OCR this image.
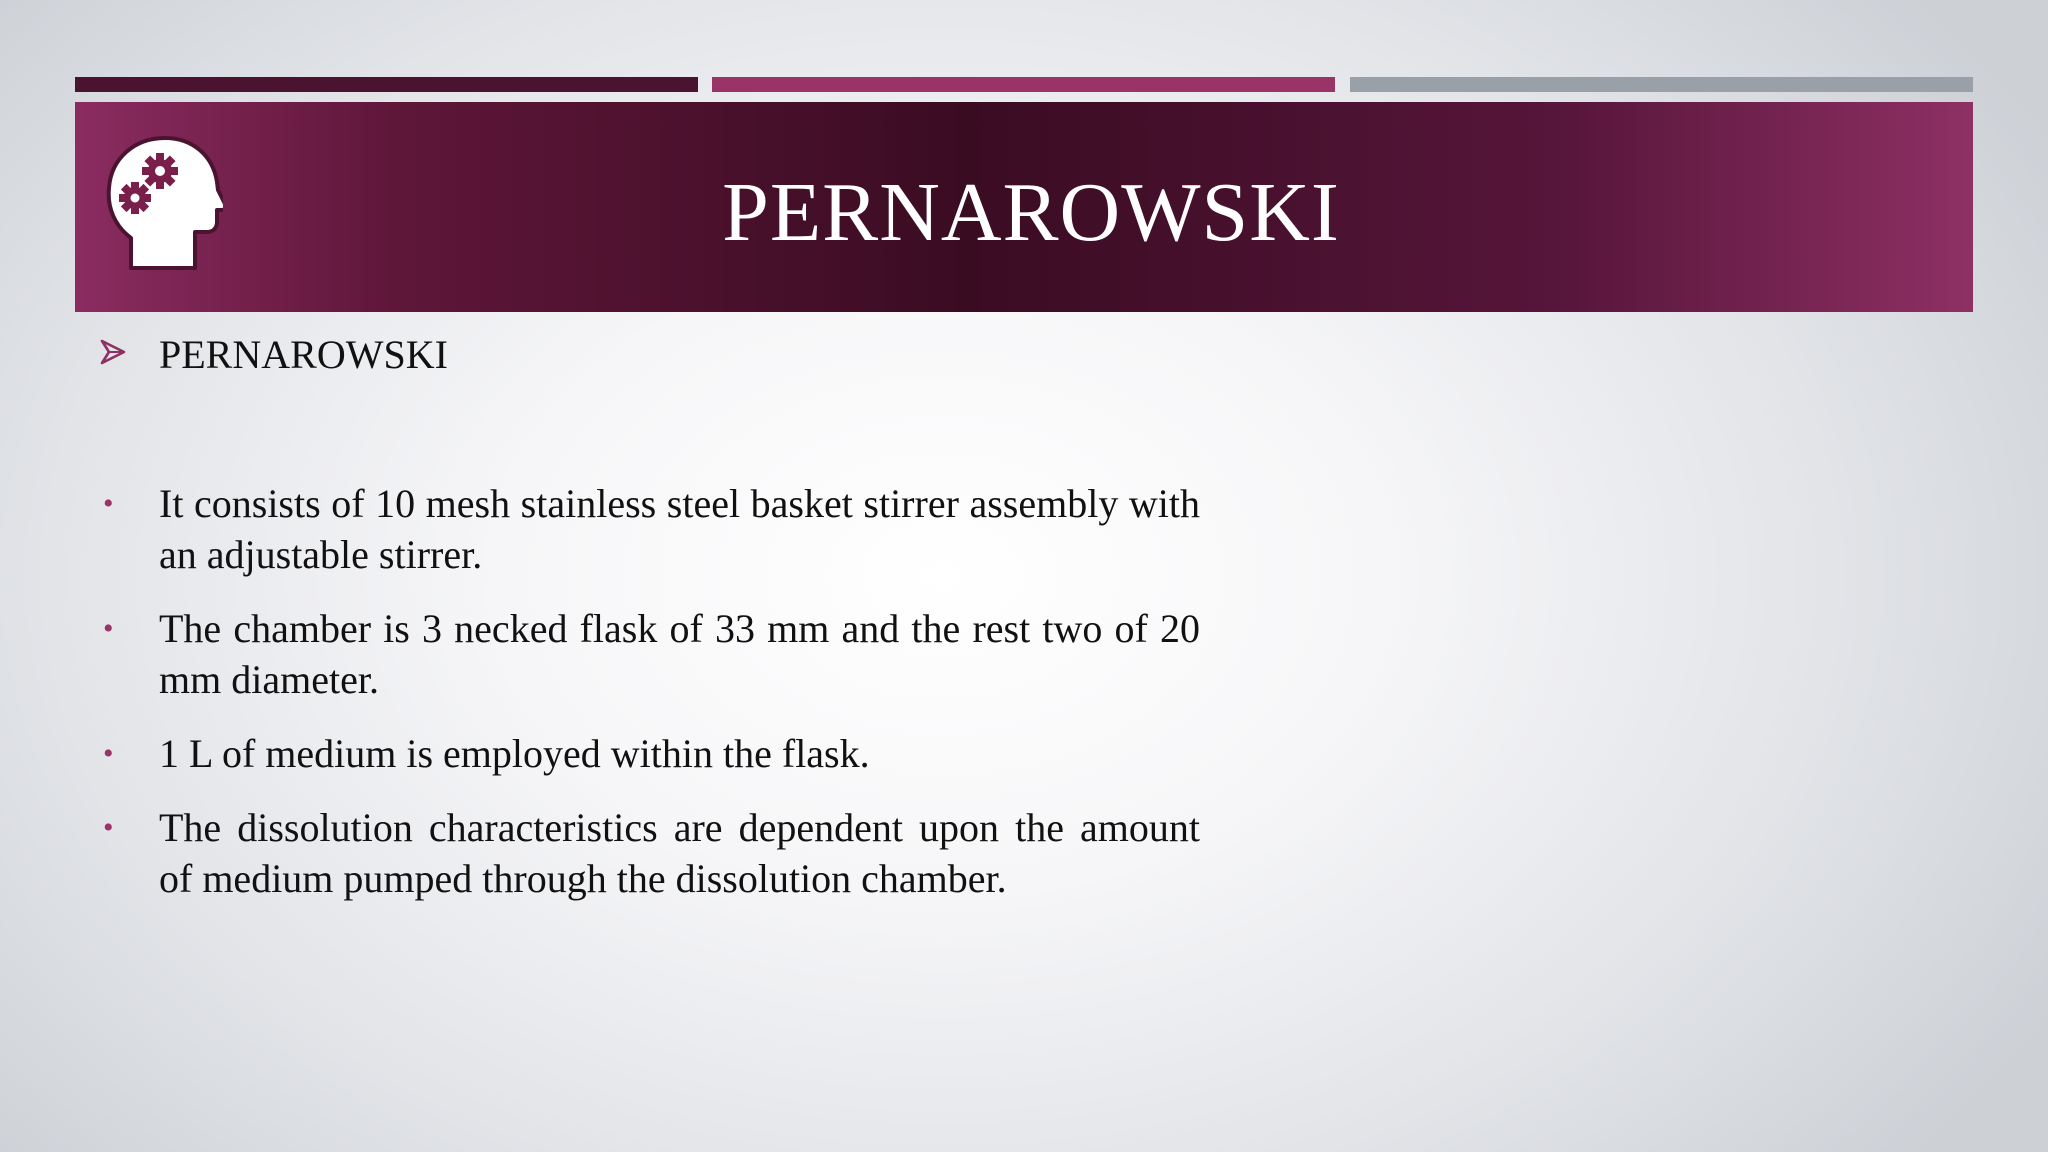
PERNAROWSKI
PERNAROWSKI
• It consists of 10 mesh stainless steel basket stirrer assembly with an adjustable stirrer.
• The chamber is 3 necked flask of 33 mm and the rest two of 20 mm diameter.
• 1 L of medium is employed within the flask.
• The dissolution characteristics are dependent upon the amount of medium pumped through the dissolution chamber.
